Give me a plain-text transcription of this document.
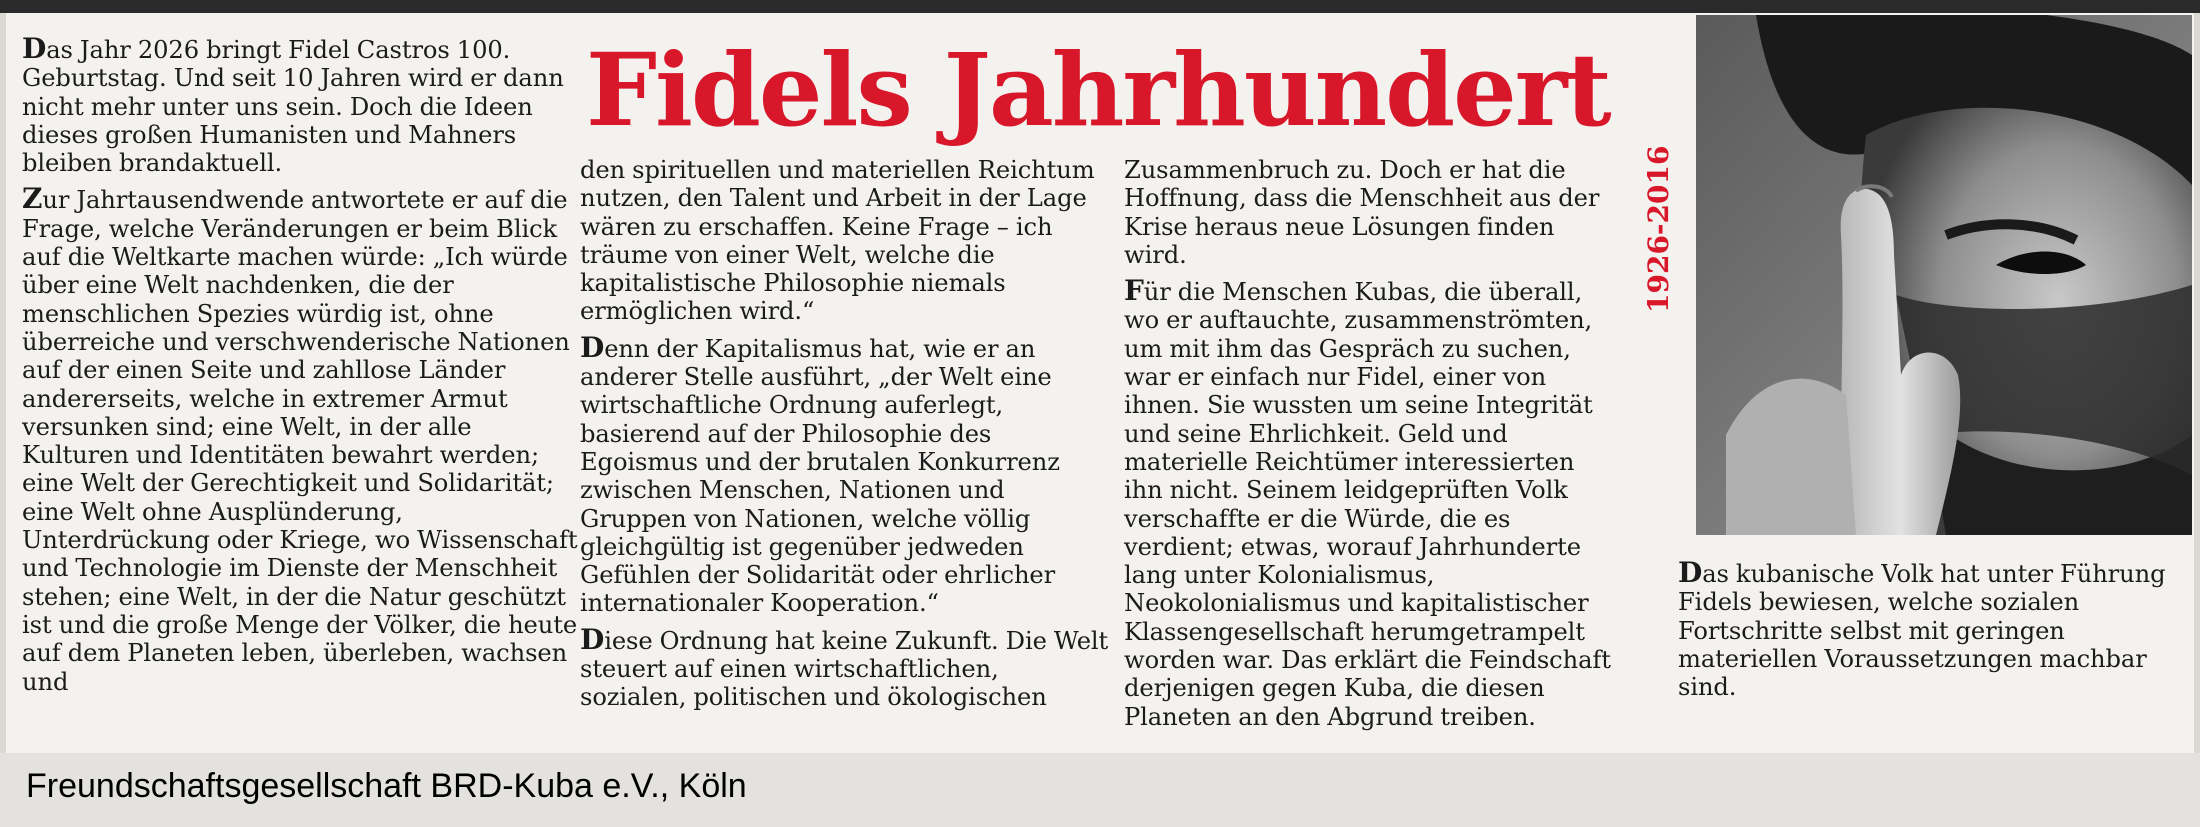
Das Jahr 2026 bringt Fidel Castros 100. Geburtstag. Und seit 10 Jahren wird er dann nicht mehr unter uns sein. Doch die Ideen dieses großen Humanisten und Mahners bleiben brandaktuell.

Zur Jahrtausendwende antwortete er auf die Frage, welche Veränderungen er beim Blick auf die Weltkarte machen würde: „Ich würde über eine Welt nachdenken, die der menschlichen Spezies würdig ist, ohne überreiche und verschwenderische Nationen auf der einen Seite und zahllose Länder andererseits, welche in extremer Armut versunken sind; eine Welt, in der alle Kulturen und Identitäten bewahrt werden; eine Welt der Gerechtigkeit und Solidarität; eine Welt ohne Ausplünderung, Unterdrückung oder Kriege, wo Wissenschaft und Technologie im Dienste der Menschheit stehen; eine Welt, in der die Natur geschützt ist und die große Menge der Völker, die heute auf dem Planeten leben, überleben, wachsen und

Fidels Jahrhundert

den spirituellen und materiellen Reichtum nutzen, den Talent und Arbeit in der Lage wären zu erschaffen. Keine Frage – ich träume von einer Welt, welche die kapitalistische Philosophie niemals ermöglichen wird.“

Denn der Kapitalismus hat, wie er an anderer Stelle ausführt, „der Welt eine wirtschaftliche Ordnung auferlegt, basierend auf der Philosophie des Egoismus und der brutalen Konkurrenz zwischen Menschen, Nationen und Gruppen von Nationen, welche völlig gleichgültig ist gegenüber jedweden Gefühlen der Solidarität oder ehrlicher internationaler Kooperation.“

Diese Ordnung hat keine Zukunft. Die Welt steuert auf einen wirtschaftlichen, sozialen, politischen und ökologischen

Zusammenbruch zu. Doch er hat die Hoffnung, dass die Menschheit aus der Krise heraus neue Lösungen finden wird.

Für die Menschen Kubas, die überall, wo er auftauchte, zusammenströmten, um mit ihm das Gespräch zu suchen, war er einfach nur Fidel, einer von ihnen. Sie wussten um seine Integrität und seine Ehrlichkeit. Geld und materielle Reichtümer interessierten ihn nicht. Seinem leidgeprüften Volk verschaffte er die Würde, die es verdient; etwas, worauf Jahrhunderte lang unter Kolonialismus, Neokolonialismus und kapitalistischer Klassengesellschaft herumgetrampelt worden war. Das erklärt die Feindschaft derjenigen gegen Kuba, die diesen Planeten an den Abgrund treiben.

1926-2016
Das kubanische Volk hat unter Führung Fidels bewiesen, welche sozialen Fortschritte selbst mit geringen materiellen Voraussetzungen machbar sind.
Freundschaftsgesellschaft BRD-Kuba e.V., Köln
